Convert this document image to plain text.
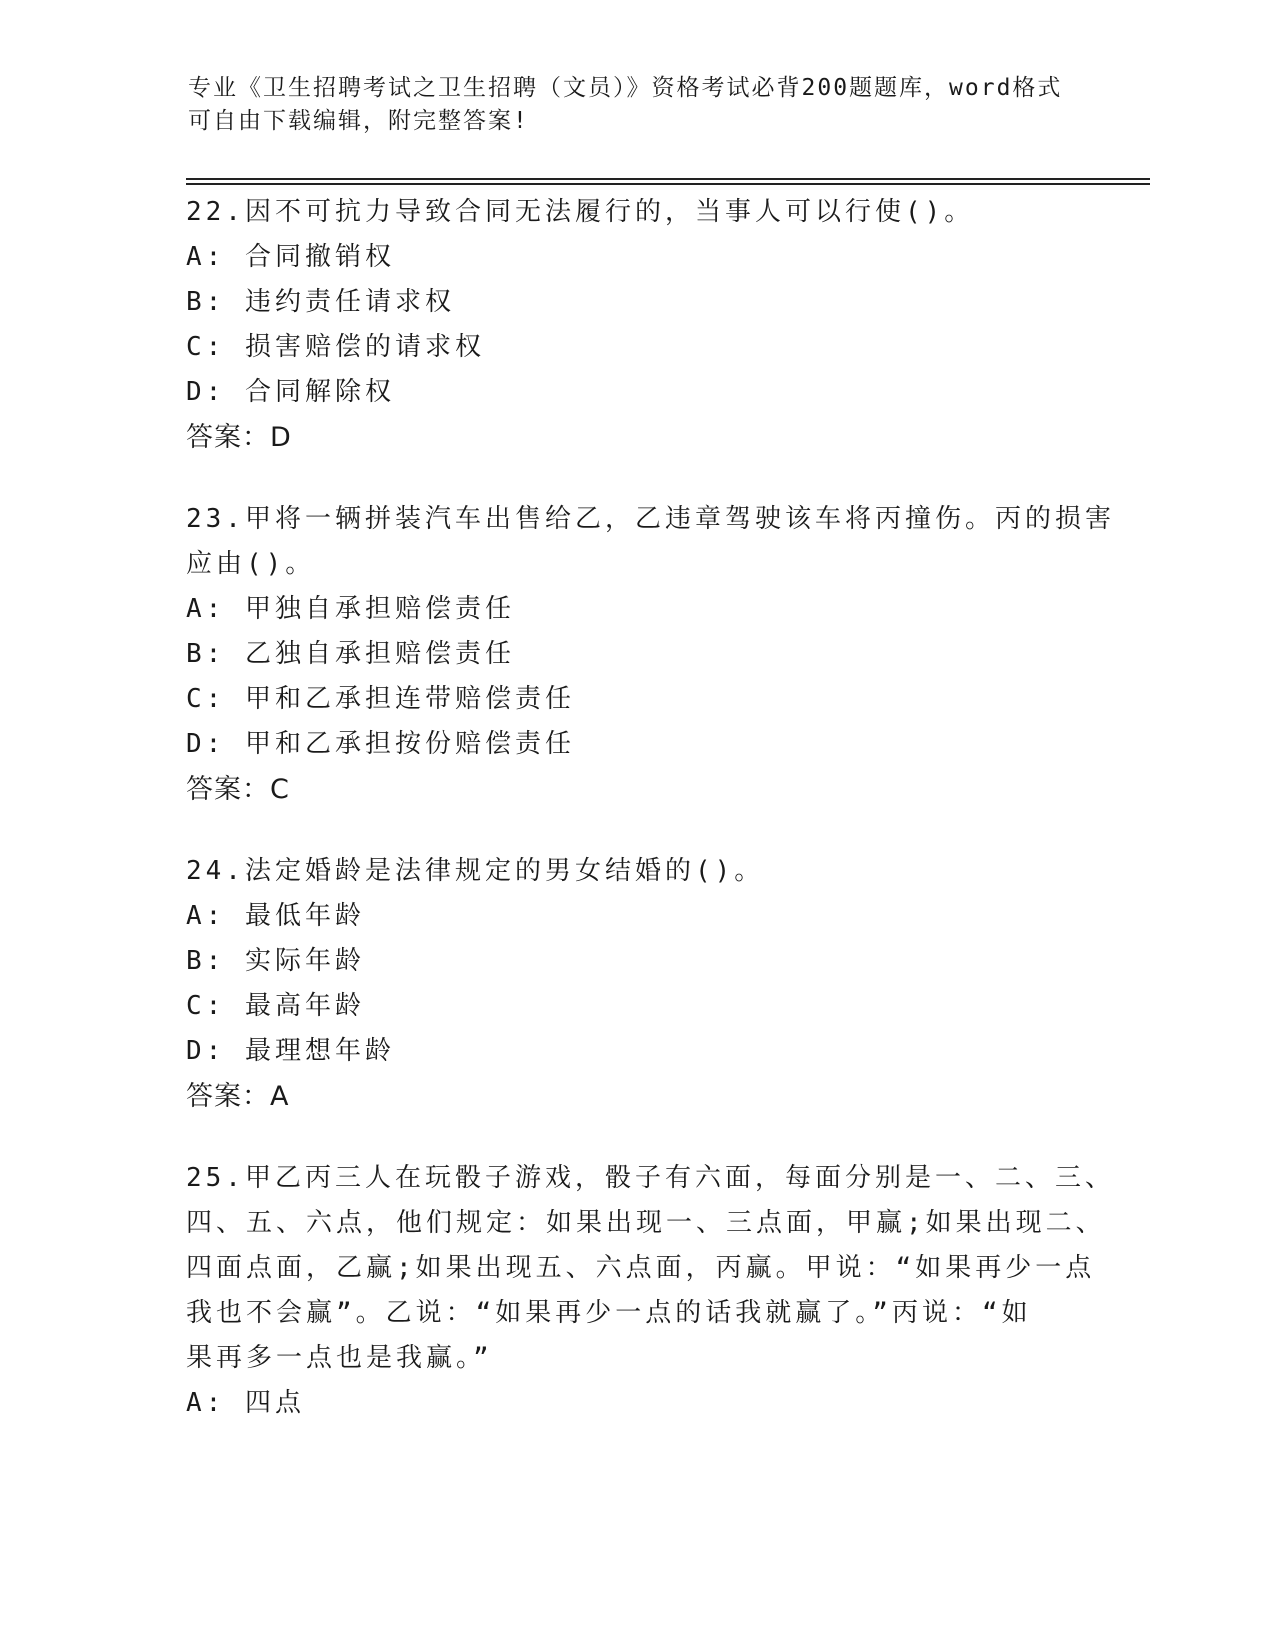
专业《卫生招聘考试之卫生招聘（文员）》资格考试必背200题题库，word格式
可自由下载编辑，附完整答案!
22.因不可抗力导致合同无法履行的，当事人可以行使()。
A: 合同撤销权
B: 违约责任请求权
C: 损害赔偿的请求权
D: 合同解除权
答案：D
23.甲将一辆拼装汽车出售给乙，乙违章驾驶该车将丙撞伤。丙的损害
应由()。
A: 甲独自承担赔偿责任
B: 乙独自承担赔偿责任
C: 甲和乙承担连带赔偿责任
D: 甲和乙承担按份赔偿责任
答案：C
24.法定婚龄是法律规定的男女结婚的()。
A: 最低年龄
B: 实际年龄
C: 最高年龄
D: 最理想年龄
答案：A
25.甲乙丙三人在玩骰子游戏，骰子有六面，每面分别是一、二、三、
四、五、六点，他们规定：如果出现一、三点面，甲赢;如果出现二、
四面点面，乙赢;如果出现五、六点面，丙赢。甲说：“如果再少一点
我也不会赢”。乙说：“如果再少一点的话我就赢了。”丙说：“如
果再多一点也是我赢。”
A: 四点
